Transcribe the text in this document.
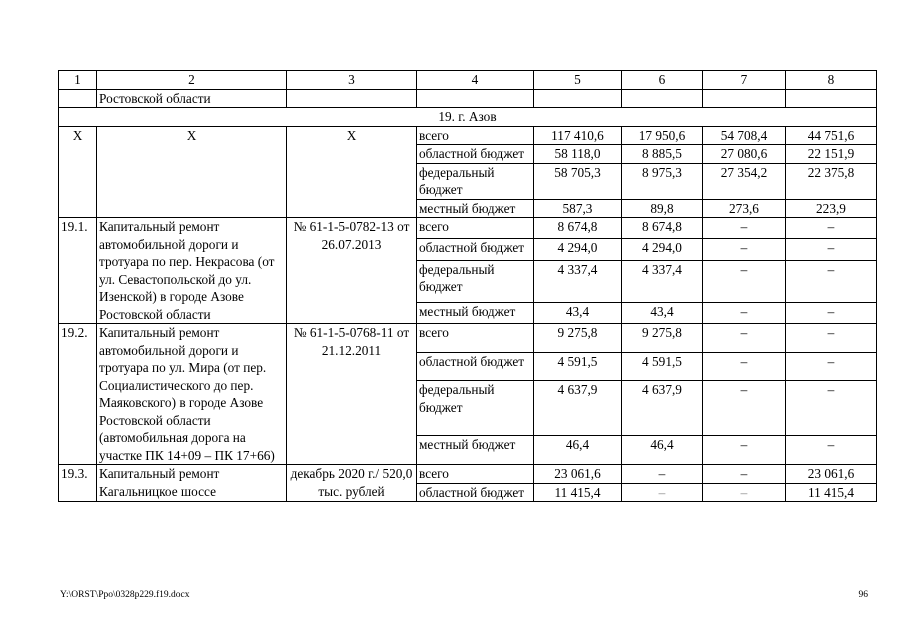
1	2	3	4	5	6	7	8
	Ростовской области						
19. г. Азов							
Х	Х	Х	всего	117 410,6	17 950,6	54 708,4	44 751,6
			областной бюджет	58 118,0	8 885,5	27 080,6	22 151,9
			федеральный бюджет	58 705,3	8 975,3	27 354,2	22 375,8
			местный бюджет	587,3	89,8	273,6	223,9
19.1.	Капитальный ремонт автомобильной дороги и тротуара по пер. Некрасова (от ул. Севастопольской до ул. Изенской) в городе Азове Ростовской области	№ 61-1-5-0782-13 от 26.07.2013	всего	8 674,8	8 674,8	–	–
			областной бюджет	4 294,0	4 294,0	–	–
			федеральный бюджет	4 337,4	4 337,4	–	–
			местный бюджет	43,4	43,4	–	–
19.2.	Капитальный ремонт автомобильной дороги и тротуара по ул. Мира (от пер. Социалистического до пер. Маяковского) в городе Азове Ростовской области (автомобильная дорога на участке ПК 14+09 – ПК 17+66)	№ 61-1-5-0768-11 от 21.12.2011	всего	9 275,8	9 275,8	–	–
			областной бюджет	4 591,5	4 591,5	–	–
			федеральный бюджет	4 637,9	4 637,9	–	–
			местный бюджет	46,4	46,4	–	–
19.3.	Капитальный ремонт Кагальницкое шоссе	декабрь 2020 г./ 520,0 тыс. рублей	всего	23 061,6	–	–	23 061,6
			областной бюджет	11 415,4	–	–	11 415,4
Y:\ORST\Ppo\0328p229.f19.docx	96
